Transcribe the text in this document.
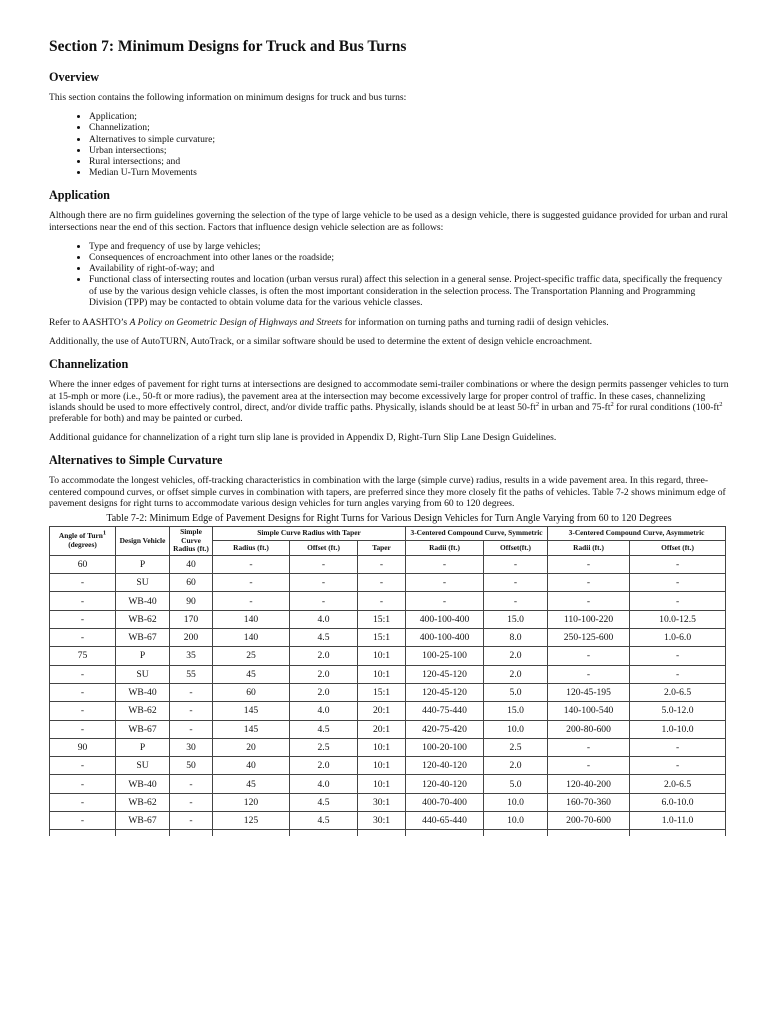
Section 7: Minimum Designs for Truck and Bus Turns
Overview

This section contains the following information on minimum designs for truck and bus turns:

• Application;
• Channelization;
• Alternatives to simple curvature;
• Urban intersections;
• Rural intersections; and
• Median U-Turn Movements
Application

Although there are no firm guidelines governing the selection of the type of large vehicle to be used as a design vehicle, there is suggested guidance provided for urban and rural intersections near the end of this section. Factors that influence design vehicle selection are as follows:

• Type and frequency of use by large vehicles;
• Consequences of encroachment into other lanes or the roadside;
• Availability of right-of-way; and
• Functional class of intersecting routes and location (urban versus rural) affect this selection in a general sense. Project-specific traffic data, specifically the frequency of use by the various design vehicle classes, is often the most important consideration in the selection process. The Transportation Planning and Programming Division (TPP) may be contacted to obtain volume data for the various vehicle classes.

Refer to AASHTO’s A Policy on Geometric Design of Highways and Streets for information on turning paths and turning radii of design vehicles.

Additionally, the use of AutoTURN, AutoTrack, or a similar software should be used to determine the extent of design vehicle encroachment.

Channelization

Where the inner edges of pavement for right turns at intersections are designed to accommodate semi-trailer combinations or where the design permits passenger vehicles to turn at 15-mph or more (i.e., 50-ft or more radius), the pavement area at the intersection may become excessively large for proper control of traffic. In these cases, channelizing islands should be used to more effectively control, direct, and/or divide traffic paths. Physically, islands should be at least $50-ft^2$ in urban and $75-ft^2$ for rural conditions ($100-ft^2$ preferable for both) and may be painted or curbed.

Additional guidance for channelization of a right turn slip lane is provided in Appendix D, Right-Turn Slip Lane Design Guidelines.

Alternatives to Simple Curvature

To accommodate the longest vehicles, off-tracking characteristics in combination with the large (simple curve) radius, results in a wide pavement area. In this regard, three-centered compound curves, or offset simple curves in combination with tapers, are preferred since they more closely fit the paths of vehicles. Table 7-2 shows minimum edge of pavement designs for right turns to accommodate various design vehicles for turn angles varying from 60 to 120 degrees.

Table 7-2: Minimum Edge of Pavement Designs for Right Turns for Various Design Vehicles for Turn Angle Varying from 60 to 120 Degrees
Angle of Turn$^1$
(degrees)	Design Vehicle	Simple Curve Radius (ft.)	Simple Curve Radius with Taper			3-Centered Compound Curve, Symmetric		3-Centered Compound Curve, Asymmetric	
			Radius (ft.)	Offset (ft.)	Taper	Radii (ft.)	Offset(ft.)	Radii (ft.)	Offset (ft.)
60	P	40	-	-	-	-	-	-	-
-	SU	60	-	-	-	-	-	-	-
-	WB-40	90	-	-	-	-	-	-	-
-	WB-62	170	140	4.0	15:1	400-100-400	15.0	110-100-220	10.0-12.5
-	WB-67	200	140	4.5	15:1	400-100-400	8.0	250-125-600	1.0-6.0
75	P	35	25	2.0	10:1	100-25-100	2.0	-	-
-	SU	55	45	2.0	10:1	120-45-120	2.0	-	-
-	WB-40	-	60	2.0	15:1	120-45-120	5.0	120-45-195	2.0-6.5
-	WB-62	-	145	4.0	20:1	440-75-440	15.0	140-100-540	5.0-12.0
-	WB-67	-	145	4.5	20:1	420-75-420	10.0	200-80-600	1.0-10.0
90	P	30	20	2.5	10:1	100-20-100	2.5	-	-
-	SU	50	40	2.0	10:1	120-40-120	2.0	-	-
-	WB-40	-	45	4.0	10:1	120-40-120	5.0	120-40-200	2.0-6.5
-	WB-62	-	120	4.5	30:1	400-70-400	10.0	160-70-360	6.0-10.0
-	WB-67	-	125	4.5	30:1	440-65-440	10.0	200-70-600	1.0-11.0
